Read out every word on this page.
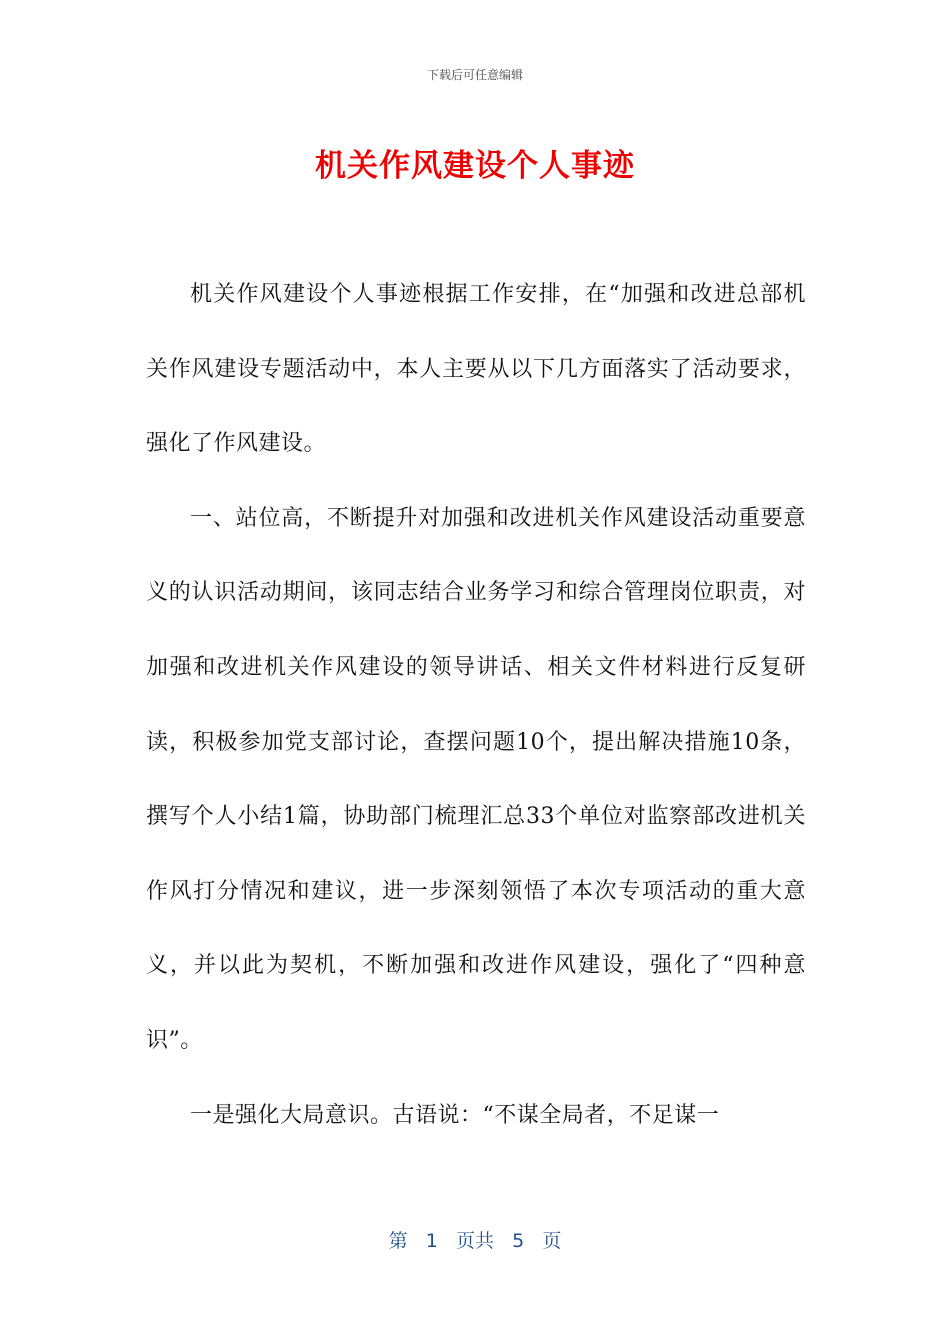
下载后可任意编辑
机关作风建设个人事迹

机关作风建设个人事迹根据工作安排，在“加强和改进总部机关作风建设专题活动中，本人主要从以下几方面落实了活动要求，强化了作风建设。

一、站位高，不断提升对加强和改进机关作风建设活动重要意义的认识活动期间，该同志结合业务学习和综合管理岗位职责，对加强和改进机关作风建设的领导讲话、相关文件材料进行反复研读，积极参加党支部讨论，查摆问题10个，提出解决措施10条，撰写个人小结1篇，协助部门梳理汇总33个单位对监察部改进机关作风打分情况和建议，进一步深刻领悟了本次专项活动的重大意义，并以此为契机，不断加强和改进作风建设，强化了“四种意识”。

一是强化大局意识。古语说：“不谋全局者，不足谋一

第 1 页共 5 页
